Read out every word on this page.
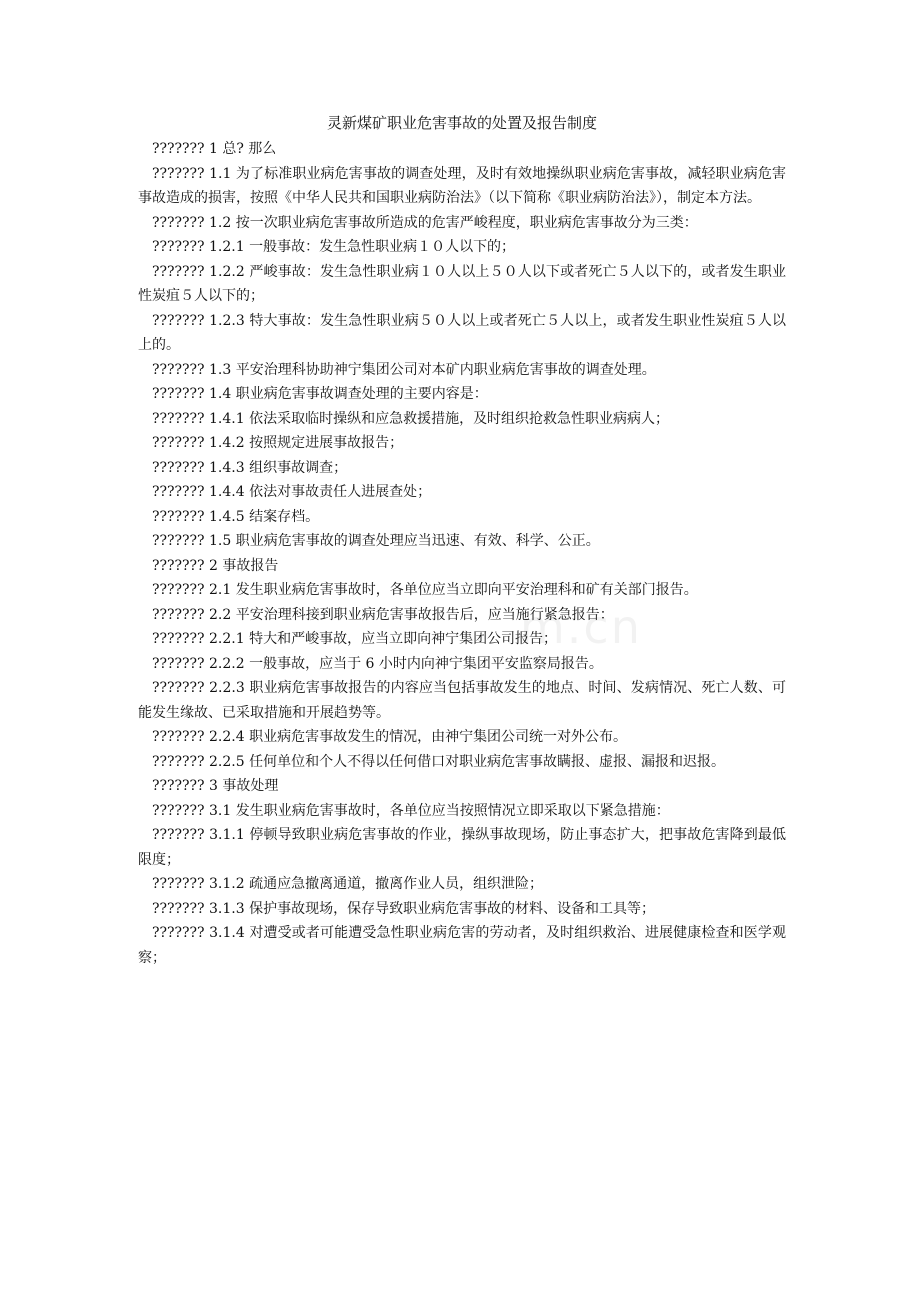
灵新煤矿职业危害事故的处置及报告制度

??????? 1 总? 那么

??????? 1.1 为了标准职业病危害事故的调查处理，及时有效地操纵职业病危害事故，减轻职业病危害事故造成的损害，按照《中华人民共和国职业病防治法》（以下简称《职业病防治法》），制定本方法。

??????? 1.2 按一次职业病危害事故所造成的危害严峻程度，职业病危害事故分为三类：

??????? 1.2.1 一般事故：发生急性职业病１０人以下的；

??????? 1.2.2 严峻事故：发生急性职业病１０人以上５０人以下或者死亡５人以下的，或者发生职业性炭疽５人以下的；

??????? 1.2.3 特大事故：发生急性职业病５０人以上或者死亡５人以上，或者发生职业性炭疽５人以上的。

??????? 1.3 平安治理科协助神宁集团公司对本矿内职业病危害事故的调查处理。

??????? 1.4 职业病危害事故调查处理的主要内容是：

??????? 1.4.1 依法采取临时操纵和应急救援措施，及时组织抢救急性职业病病人；

??????? 1.4.2 按照规定进展事故报告；

??????? 1.4.3 组织事故调查；

??????? 1.4.4 依法对事故责任人进展查处；

??????? 1.4.5 结案存档。

??????? 1.5 职业病危害事故的调查处理应当迅速、有效、科学、公正。

??????? 2 事故报告

??????? 2.1 发生职业病危害事故时，各单位应当立即向平安治理科和矿有关部门报告。

??????? 2.2 平安治理科接到职业病危害事故报告后，应当施行紧急报告：

??????? 2.2.1 特大和严峻事故，应当立即向神宁集团公司报告；

??????? 2.2.2 一般事故，应当于 6 小时内向神宁集团平安监察局报告。

??????? 2.2.3 职业病危害事故报告的内容应当包括事故发生的地点、时间、发病情况、死亡人数、可能发生缘故、已采取措施和开展趋势等。

??????? 2.2.4 职业病危害事故发生的情况，由神宁集团公司统一对外公布。

??????? 2.2.5 任何单位和个人不得以任何借口对职业病危害事故瞒报、虚报、漏报和迟报。

??????? 3 事故处理

??????? 3.1 发生职业病危害事故时，各单位应当按照情况立即采取以下紧急措施：

??????? 3.1.1 停顿导致职业病危害事故的作业，操纵事故现场，防止事态扩大，把事故危害降到最低限度；

??????? 3.1.2 疏通应急撤离通道，撤离作业人员，组织泄险；

??????? 3.1.3 保护事故现场，保存导致职业病危害事故的材料、设备和工具等；

??????? 3.1.4 对遭受或者可能遭受急性职业病危害的劳动者，及时组织救治、进展健康检查和医学观察；

m.cn
